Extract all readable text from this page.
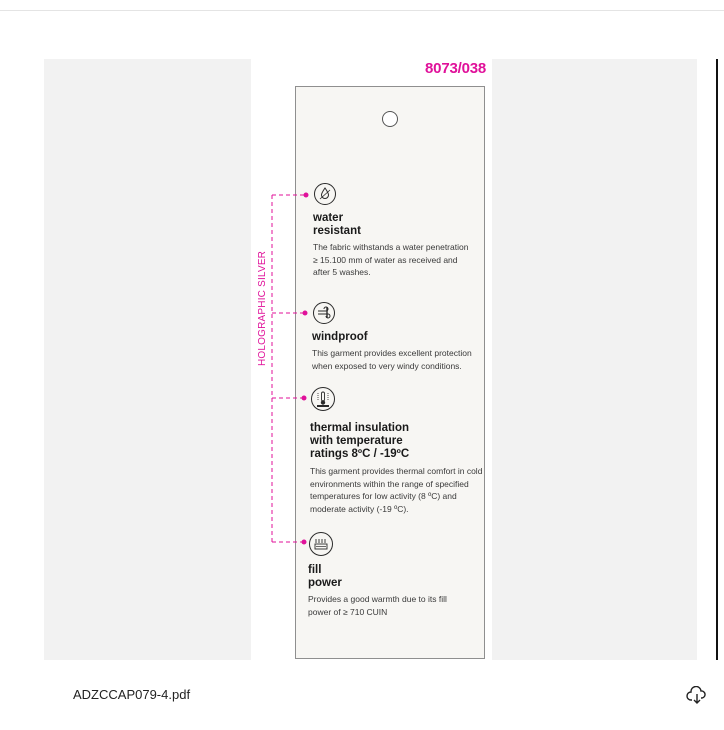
8073/038
HOLOGRAPHIC SILVER
water
resistant
The fabric withstands a water penetration
≥ 15.100 mm of water as received and
after 5 washes.
windproof
This garment provides excellent protection
when exposed to very windy conditions.
thermal insulation
with temperature
ratings 8ºC / -19ºC
This garment provides thermal comfort in cold
environments within the range of specified
temperatures for low activity (8 ºC) and
moderate activity (-19 ºC).
fill
power
Provides a good warmth due to its fill
power of ≥ 710 CUIN
ADZCCAP079-4.pdf
